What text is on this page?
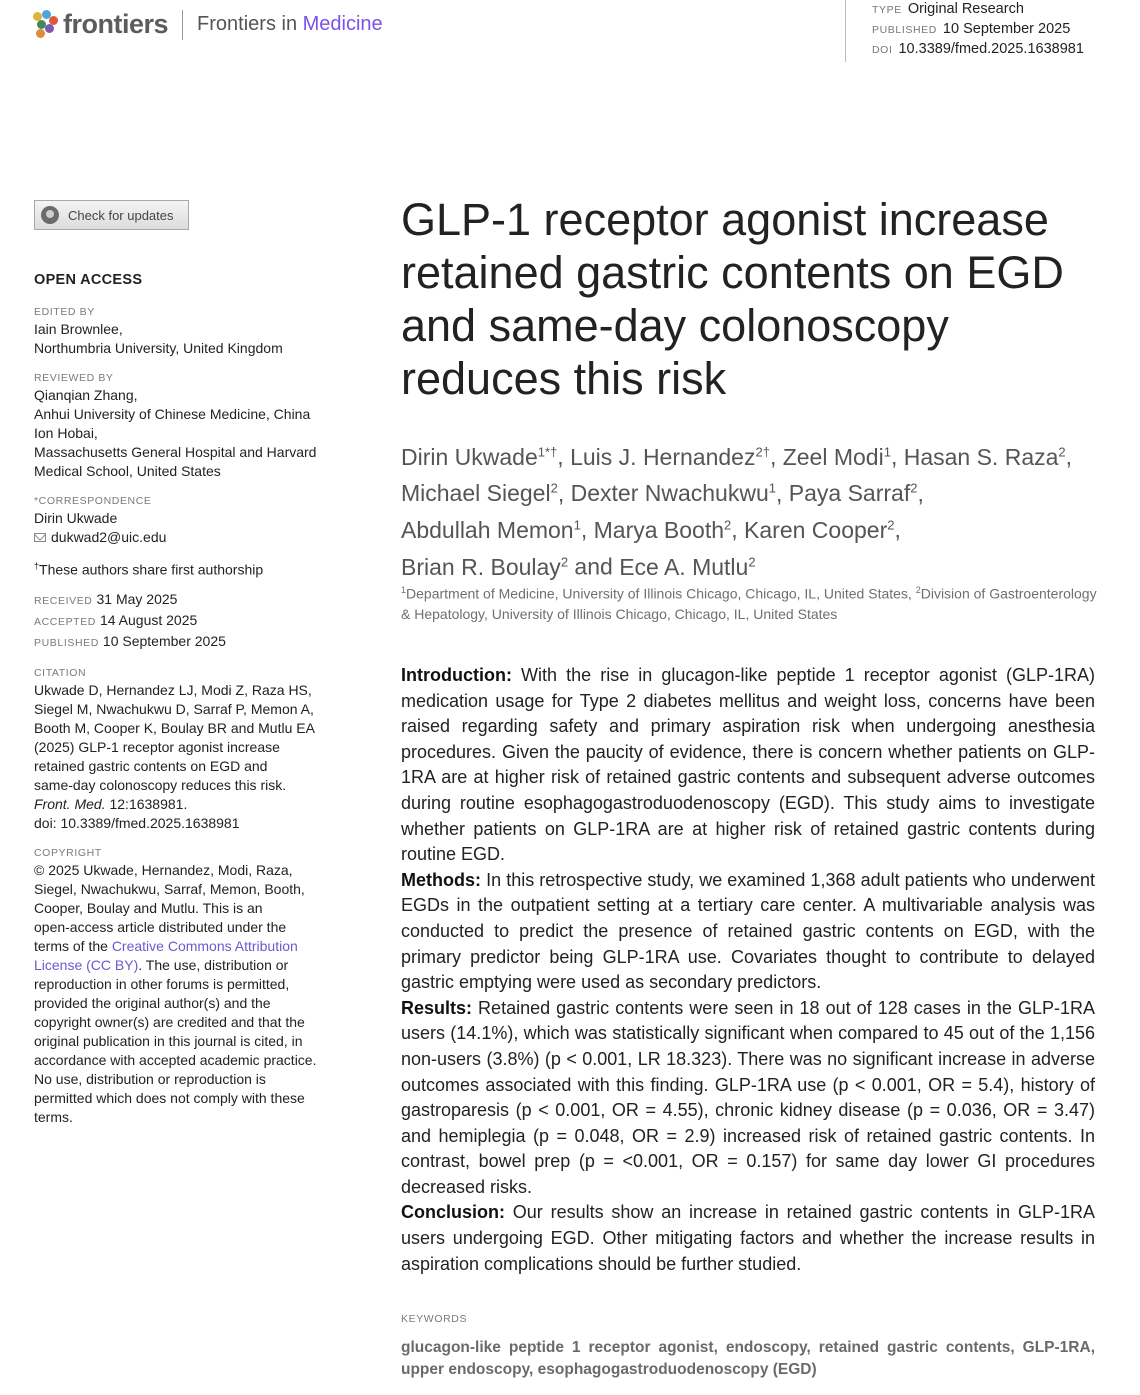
frontiers Frontiers in Medicine
TYPE Original Research
PUBLISHED 10 September 2025
DOI 10.3389/fmed.2025.1638981
Check for updates
OPEN ACCESS
EDITED BY
Iain Brownlee,
Northumbria University, United Kingdom
REVIEWED BY
Qianqian Zhang,
Anhui University of Chinese Medicine, China
Ion Hobai,
Massachusetts General Hospital and Harvard
Medical School, United States
*CORRESPONDENCE
Dirin Ukwade
dukwad2@uic.edu
†These authors share first authorship
RECEIVED 31 May 2025
ACCEPTED 14 August 2025
PUBLISHED 10 September 2025
CITATION
Ukwade D, Hernandez LJ, Modi Z, Raza HS,
Siegel M, Nwachukwu D, Sarraf P, Memon A,
Booth M, Cooper K, Boulay BR and Mutlu EA
(2025) GLP-1 receptor agonist increase
retained gastric contents on EGD and
same-day colonoscopy reduces this risk.
Front. Med. 12:1638981.
doi: 10.3389/fmed.2025.1638981
COPYRIGHT
© 2025 Ukwade, Hernandez, Modi, Raza,
Siegel, Nwachukwu, Sarraf, Memon, Booth,
Cooper, Boulay and Mutlu. This is an
open-access article distributed under the
terms of the Creative Commons Attribution
License (CC BY). The use, distribution or
reproduction in other forums is permitted,
provided the original author(s) and the
copyright owner(s) are credited and that the
original publication in this journal is cited, in
accordance with accepted academic practice.
No use, distribution or reproduction is
permitted which does not comply with these
terms.
GLP-1 receptor agonist increase retained gastric contents on EGD and same-day colonoscopy reduces this risk
Dirin Ukwade$^{1*\dagger}$, Luis J. Hernandez$^{2\dagger}$, Zeel Modi$^1$, Hasan S. Raza$^2$,
Michael Siegel$^2$, Dexter Nwachukwu$^1$, Paya Sarraf$^2$,
Abdullah Memon$^1$, Marya Booth$^2$, Karen Cooper$^2$,
Brian R. Boulay$^2$ and Ece A. Mutlu$^2$
$^1$Department of Medicine, University of Illinois Chicago, Chicago, IL, United States, $^2$Division of Gastroenterology & Hepatology, University of Illinois Chicago, Chicago, IL, United States

Introduction: With the rise in glucagon-like peptide 1 receptor agonist (GLP-1RA) medication usage for Type 2 diabetes mellitus and weight loss, concerns have been raised regarding safety and primary aspiration risk when undergoing anesthesia procedures. Given the paucity of evidence, there is concern whether patients on GLP-1RA are at higher risk of retained gastric contents and subsequent adverse outcomes during routine esophagogastroduodenoscopy (EGD). This study aims to investigate whether patients on GLP-1RA are at higher risk of retained gastric contents during routine EGD.

Methods: In this retrospective study, we examined 1,368 adult patients who underwent EGDs in the outpatient setting at a tertiary care center. A multivariable analysis was conducted to predict the presence of retained gastric contents on EGD, with the primary predictor being GLP-1RA use. Covariates thought to contribute to delayed gastric emptying were used as secondary predictors.

Results: Retained gastric contents were seen in 18 out of 128 cases in the GLP-1RA users (14.1%), which was statistically significant when compared to 45 out of the 1,156 non-users (3.8%) (p < 0.001, LR 18.323). There was no significant increase in adverse outcomes associated with this finding. GLP-1RA use (p < 0.001, OR = 5.4), history of gastroparesis (p < 0.001, OR = 4.55), chronic kidney disease (p = 0.036, OR = 3.47) and hemiplegia (p = 0.048, OR = 2.9) increased risk of retained gastric contents. In contrast, bowel prep (p = <0.001, OR = 0.157) for same day lower GI procedures decreased risks.

Conclusion: Our results show an increase in retained gastric contents in GLP-1RA users undergoing EGD. Other mitigating factors and whether the increase results in aspiration complications should be further studied.

KEYWORDS
glucagon-like peptide 1 receptor agonist, endoscopy, retained gastric contents, GLP-1RA, upper endoscopy, esophagogastroduodenoscopy (EGD)
